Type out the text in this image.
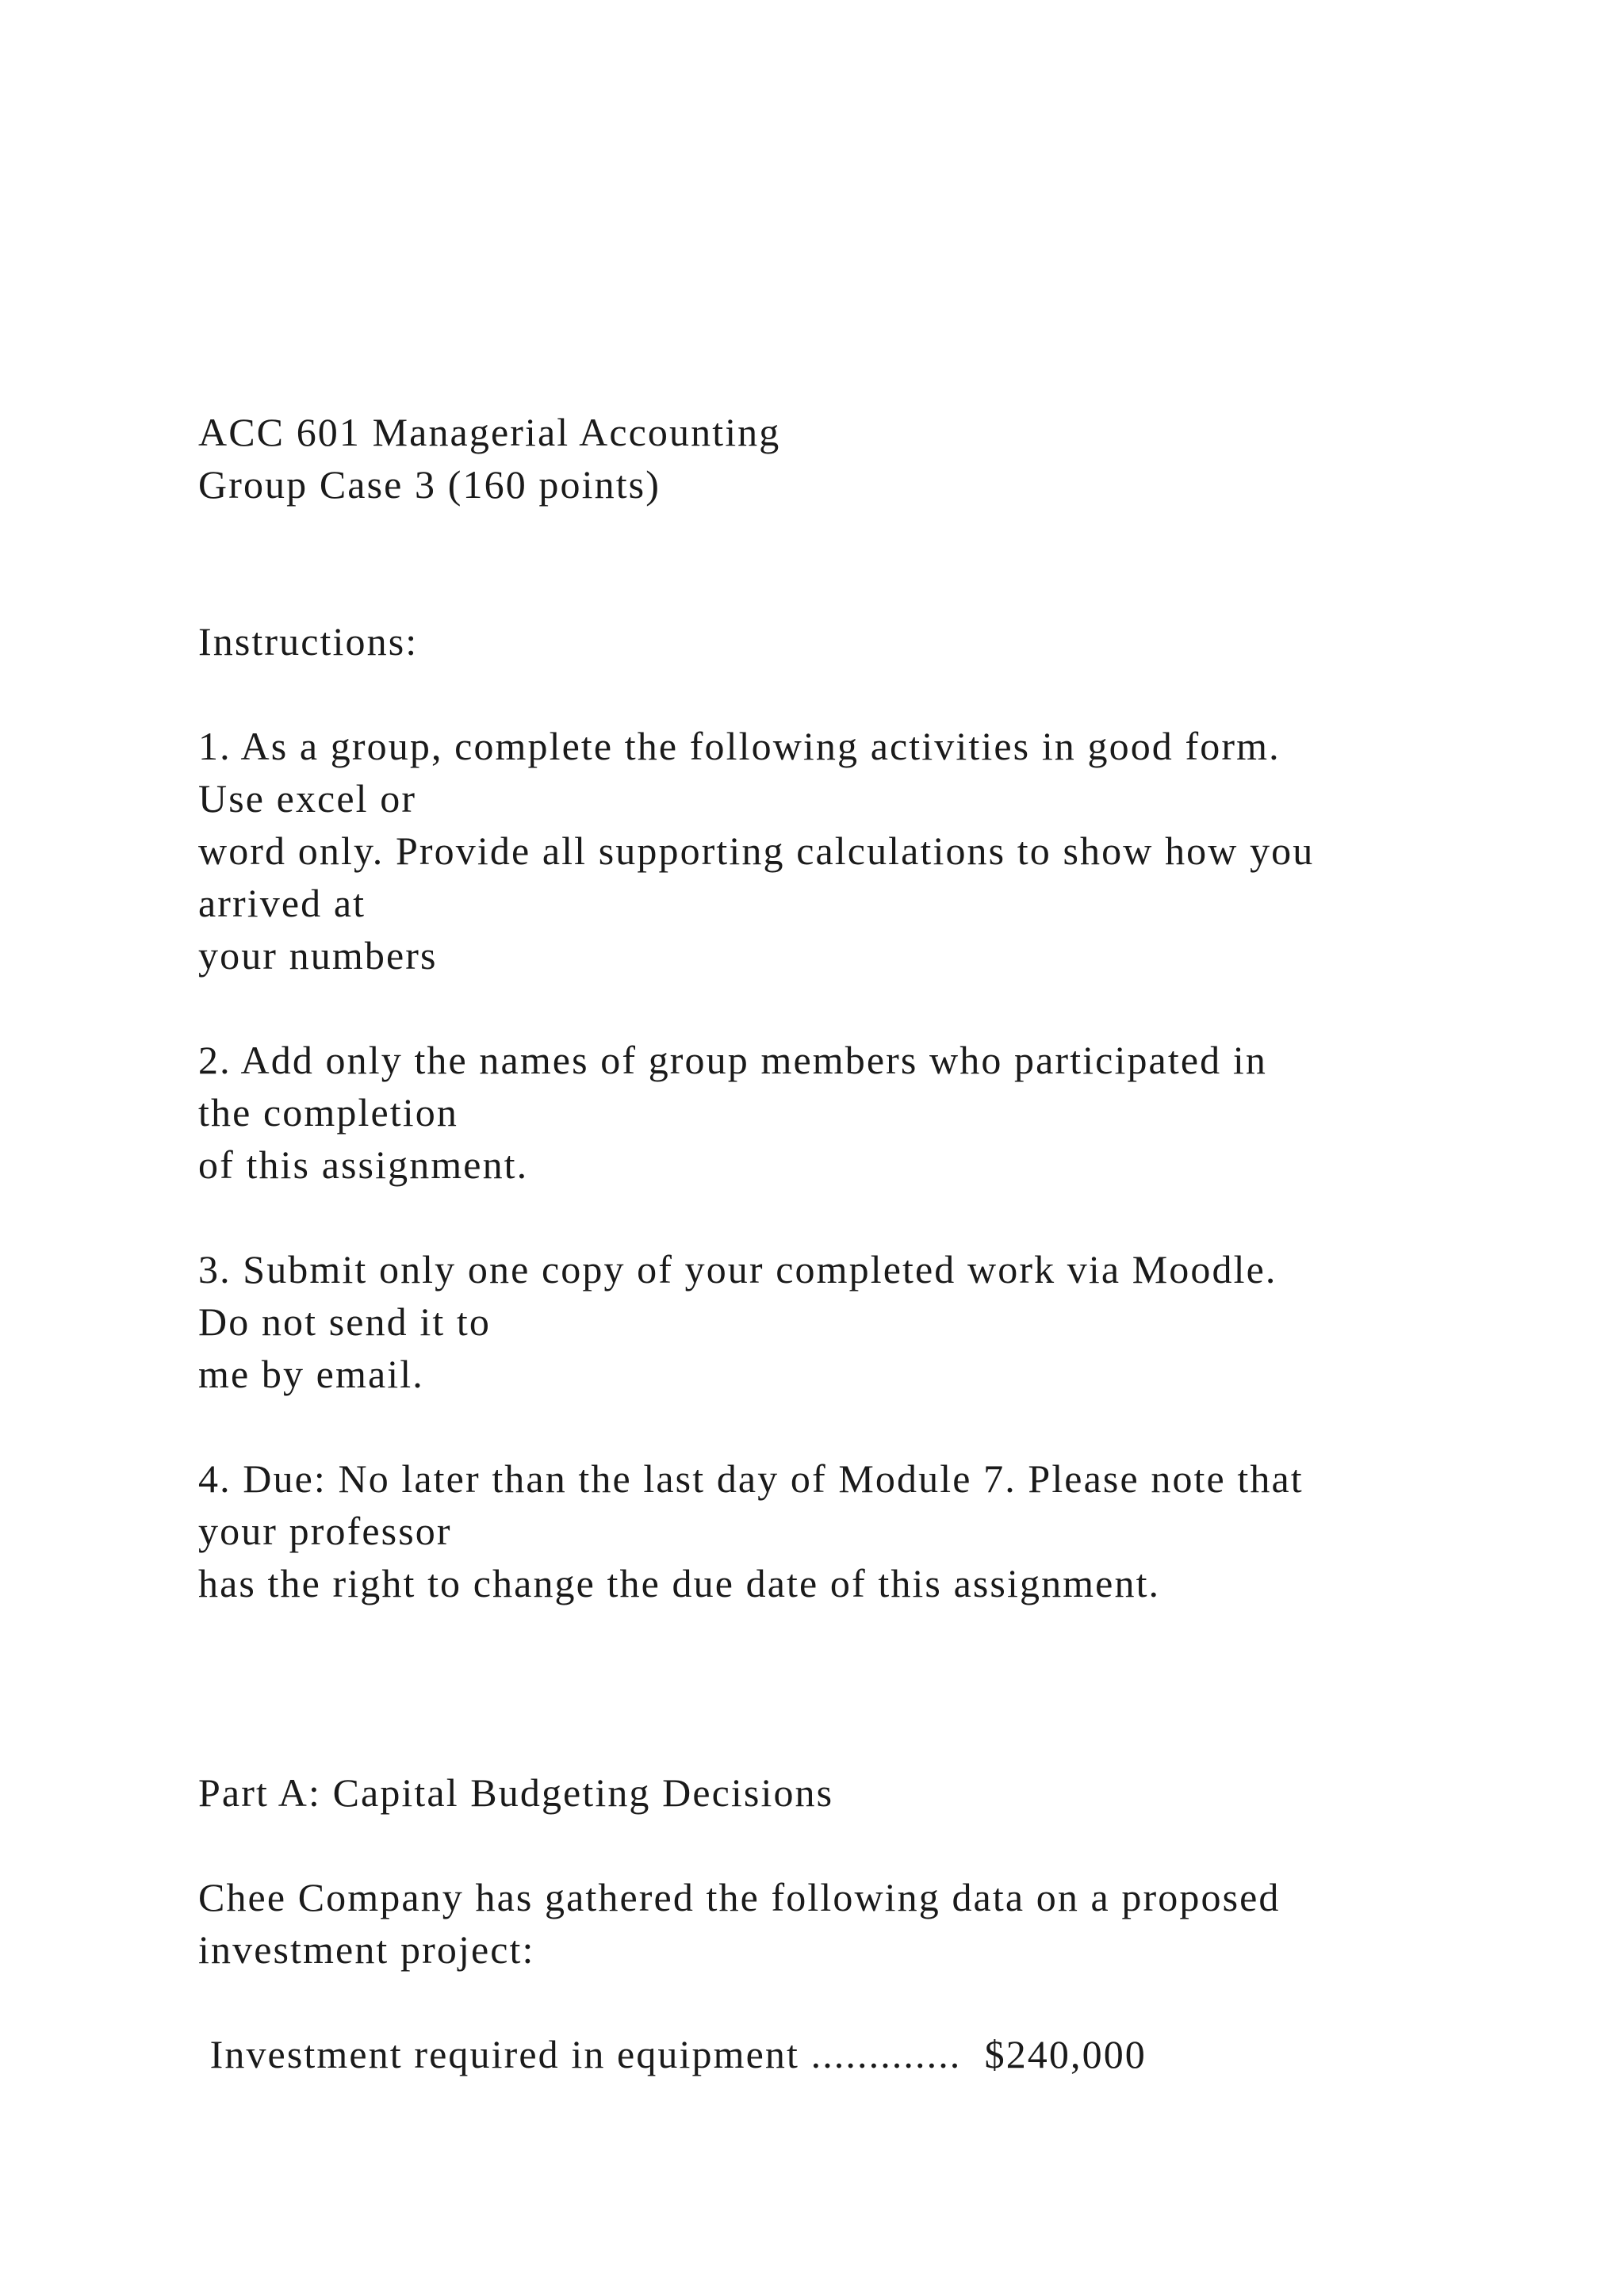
ACC 601 Managerial Accounting
Group Case 3 (160 points)
Instructions:
1. As a group, complete the following activities in good form.
Use excel or
word only. Provide all supporting calculations to show how you
arrived at
your numbers
2. Add only the names of group members who participated in
the completion
of this assignment.
3. Submit only one copy of your completed work via Moodle.
Do not send it to
me by email.
4. Due: No later than the last day of Module 7. Please note that
your professor
has the right to change the due date of this assignment.
Part A: Capital Budgeting Decisions
Chee Company has gathered the following data on a proposed
investment project:
Investment required in equipment .............  $240,000
